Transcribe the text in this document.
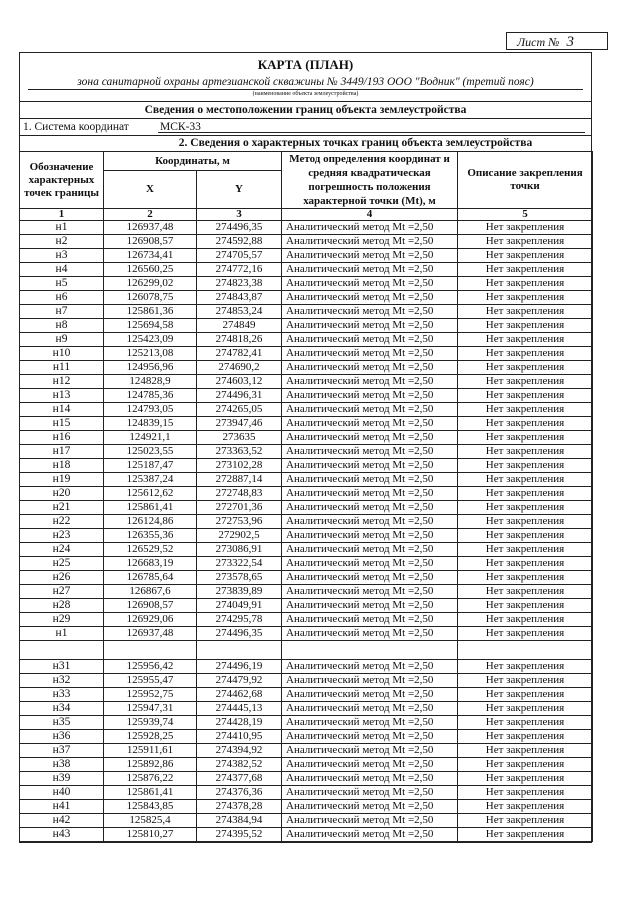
Лист № 3
КАРТА (ПЛАН)
зона санитарной охраны артезианской скважины № 3449/193 ООО "Водник" (третий пояс)
(наименование объекта землеустройства)
Сведения о местоположении границ объекта землеустройства
1. Система координат	МСК-33
2. Сведения о характерных точках границ объекта землеустройства
Обозначение характерных точек границы	Координаты, м		Метод определения координат и средняя квадратическая погрешность положения характерной точки (Mt), м	Описание закрепления точки
	X	Y		
1	2	3	4	5
н1	126937,48	274496,35	Аналитический метод Mt =2,50	Нет закрепления
н2	126908,57	274592,88	Аналитический метод Mt =2,50	Нет закрепления
н3	126734,41	274705,57	Аналитический метод Mt =2,50	Нет закрепления
н4	126560,25	274772,16	Аналитический метод Mt =2,50	Нет закрепления
н5	126299,02	274823,38	Аналитический метод Mt =2,50	Нет закрепления
н6	126078,75	274843,87	Аналитический метод Mt =2,50	Нет закрепления
н7	125861,36	274853,24	Аналитический метод Mt =2,50	Нет закрепления
н8	125694,58	274849	Аналитический метод Mt =2,50	Нет закрепления
н9	125423,09	274818,26	Аналитический метод Mt =2,50	Нет закрепления
н10	125213,08	274782,41	Аналитический метод Mt =2,50	Нет закрепления
н11	124956,96	274690,2	Аналитический метод Mt =2,50	Нет закрепления
н12	124828,9	274603,12	Аналитический метод Mt =2,50	Нет закрепления
н13	124785,36	274496,31	Аналитический метод Mt =2,50	Нет закрепления
н14	124793,05	274265,05	Аналитический метод Mt =2,50	Нет закрепления
н15	124839,15	273947,46	Аналитический метод Mt =2,50	Нет закрепления
н16	124921,1	273635	Аналитический метод Mt =2,50	Нет закрепления
н17	125023,55	273363,52	Аналитический метод Mt =2,50	Нет закрепления
н18	125187,47	273102,28	Аналитический метод Mt =2,50	Нет закрепления
н19	125387,24	272887,14	Аналитический метод Mt =2,50	Нет закрепления
н20	125612,62	272748,83	Аналитический метод Mt =2,50	Нет закрепления
н21	125861,41	272701,36	Аналитический метод Mt =2,50	Нет закрепления
н22	126124,86	272753,96	Аналитический метод Mt =2,50	Нет закрепления
н23	126355,36	272902,5	Аналитический метод Mt =2,50	Нет закрепления
н24	126529,52	273086,91	Аналитический метод Mt =2,50	Нет закрепления
н25	126683,19	273322,54	Аналитический метод Mt =2,50	Нет закрепления
н26	126785,64	273578,65	Аналитический метод Mt =2,50	Нет закрепления
н27	126867,6	273839,89	Аналитический метод Mt =2,50	Нет закрепления
н28	126908,57	274049,91	Аналитический метод Mt =2,50	Нет закрепления
н29	126929,06	274295,78	Аналитический метод Mt =2,50	Нет закрепления
н1	126937,48	274496,35	Аналитический метод Mt =2,50	Нет закрепления

н31	125956,42	274496,19	Аналитический метод Mt =2,50	Нет закрепления
н32	125955,47	274479,92	Аналитический метод Mt =2,50	Нет закрепления
н33	125952,75	274462,68	Аналитический метод Mt =2,50	Нет закрепления
н34	125947,31	274445,13	Аналитический метод Mt =2,50	Нет закрепления
н35	125939,74	274428,19	Аналитический метод Mt =2,50	Нет закрепления
н36	125928,25	274410,95	Аналитический метод Mt =2,50	Нет закрепления
н37	125911,61	274394,92	Аналитический метод Mt =2,50	Нет закрепления
н38	125892,86	274382,52	Аналитический метод Mt =2,50	Нет закрепления
н39	125876,22	274377,68	Аналитический метод Mt =2,50	Нет закрепления
н40	125861,41	274376,36	Аналитический метод Mt =2,50	Нет закрепления
н41	125843,85	274378,28	Аналитический метод Mt =2,50	Нет закрепления
н42	125825,4	274384,94	Аналитический метод Mt =2,50	Нет закрепления
н43	125810,27	274395,52	Аналитический метод Mt =2,50	Нет закрепления
